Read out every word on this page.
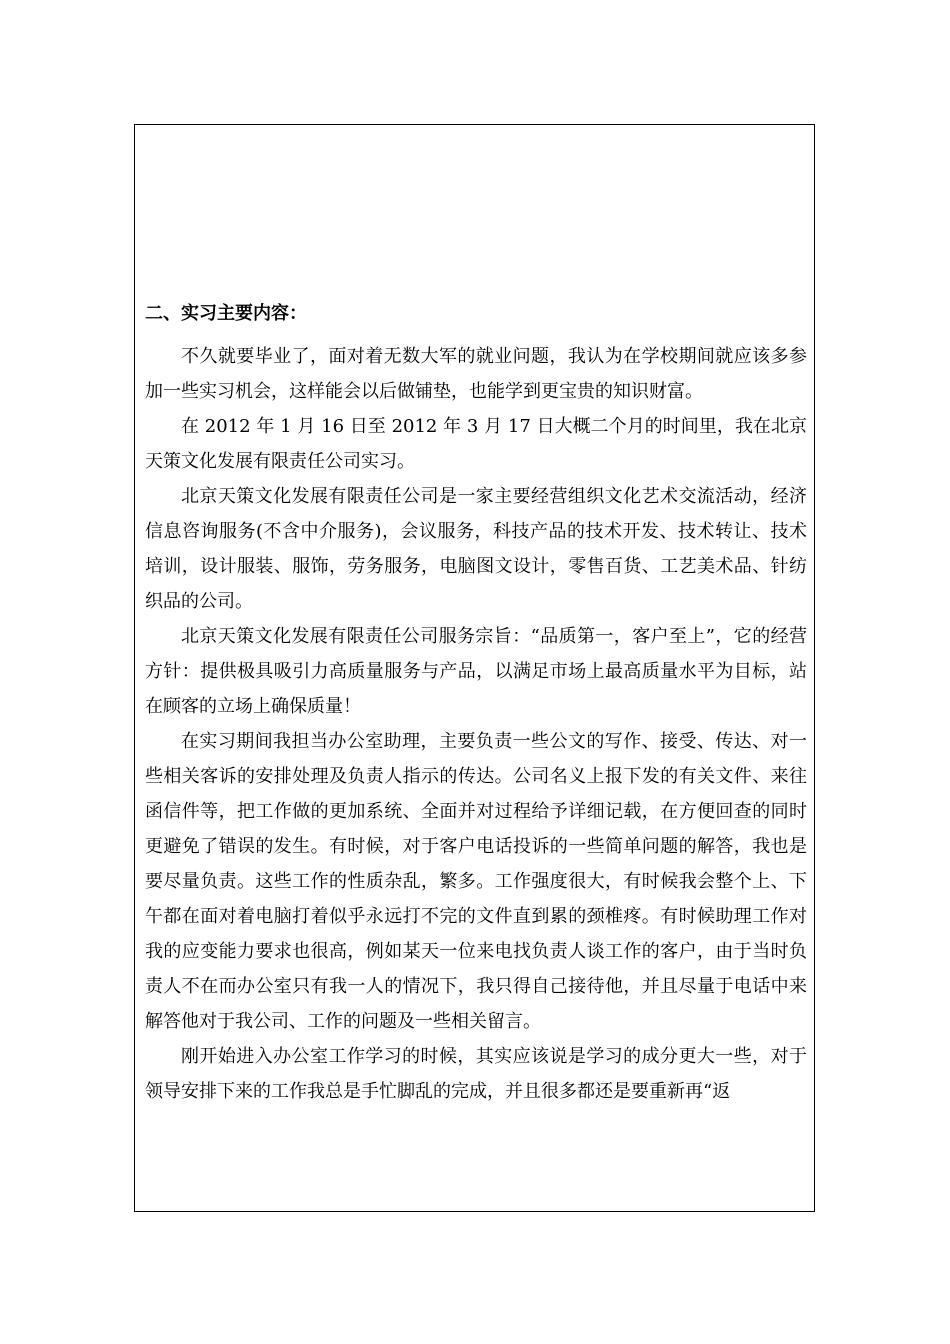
二、实习主要内容：

不久就要毕业了，面对着无数大军的就业问题，我认为在学校期间就应该多参加一些实习机会，这样能会以后做铺垫，也能学到更宝贵的知识财富。

在 2012 年 1 月 16 日至 2012 年 3 月 17 日大概二个月的时间里，我在北京天策文化发展有限责任公司实习。

北京天策文化发展有限责任公司是一家主要经营组织文化艺术交流活动，经济信息咨询服务(不含中介服务)，会议服务，科技产品的技术开发、技术转让、技术培训，设计服装、服饰，劳务服务，电脑图文设计，零售百货、工艺美术品、针纺织品的公司。

北京天策文化发展有限责任公司服务宗旨：“品质第一，客户至上”，它的经营方针：提供极具吸引力高质量服务与产品，以满足市场上最高质量水平为目标，站在顾客的立场上确保质量！

在实习期间我担当办公室助理，主要负责一些公文的写作、接受、传达、对一些相关客诉的安排处理及负责人指示的传达。公司名义上报下发的有关文件、来往函信件等，把工作做的更加系统、全面并对过程给予详细记载，在方便回查的同时更避免了错误的发生。有时候，对于客户电话投诉的一些简单问题的解答，我也是要尽量负责。这些工作的性质杂乱，繁多。工作强度很大，有时候我会整个上、下午都在面对着电脑打着似乎永远打不完的文件直到累的颈椎疼。有时候助理工作对我的应变能力要求也很高，例如某天一位来电找负责人谈工作的客户，由于当时负责人不在而办公室只有我一人的情况下，我只得自己接待他，并且尽量于电话中来解答他对于我公司、工作的问题及一些相关留言。

刚开始进入办公室工作学习的时候，其实应该说是学习的成分更大一些，对于领导安排下来的工作我总是手忙脚乱的完成，并且很多都还是要重新再“返
